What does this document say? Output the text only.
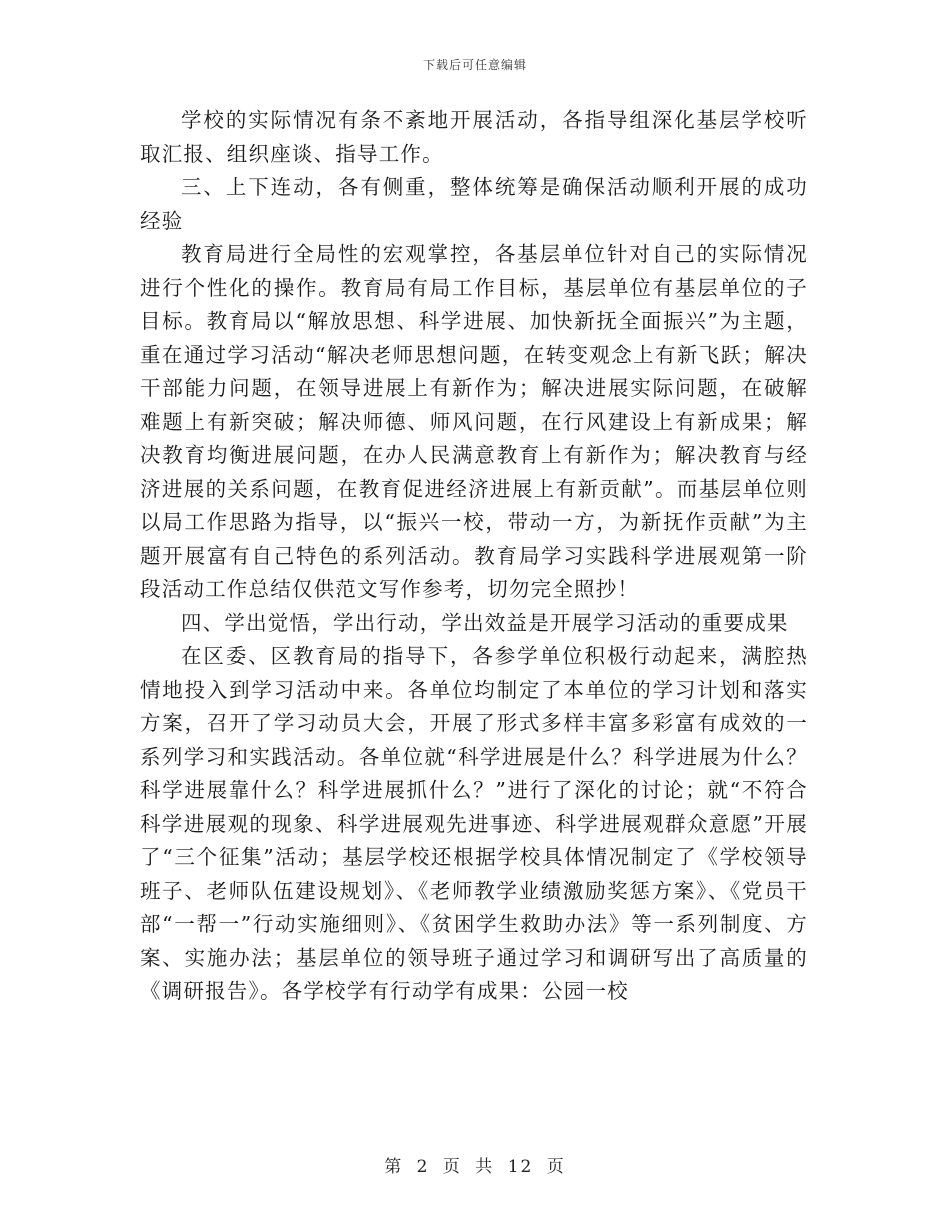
下载后可任意编辑

学校的实际情况有条不紊地开展活动，各指导组深化基层学校听取汇报、组织座谈、指导工作。

三、上下连动，各有侧重，整体统筹是确保活动顺利开展的成功经验

教育局进行全局性的宏观掌控，各基层单位针对自己的实际情况进行个性化的操作。教育局有局工作目标，基层单位有基层单位的子目标。教育局以“解放思想、科学进展、加快新抚全面振兴”为主题，重在通过学习活动“解决老师思想问题，在转变观念上有新飞跃；解决干部能力问题，在领导进展上有新作为；解决进展实际问题，在破解难题上有新突破；解决师德、师风问题，在行风建设上有新成果；解决教育均衡进展问题，在办人民满意教育上有新作为；解决教育与经济进展的关系问题，在教育促进经济进展上有新贡献”。而基层单位则以局工作思路为指导，以“振兴一校，带动一方，为新抚作贡献”为主题开展富有自己特色的系列活动。教育局学习实践科学进展观第一阶段活动工作总结仅供范文写作参考，切勿完全照抄！

四、学出觉悟，学出行动，学出效益是开展学习活动的重要成果

在区委、区教育局的指导下，各参学单位积极行动起来，满腔热情地投入到学习活动中来。各单位均制定了本单位的学习计划和落实方案，召开了学习动员大会，开展了形式多样丰富多彩富有成效的一系列学习和实践活动。各单位就“科学进展是什么？科学进展为什么？科学进展靠什么？科学进展抓什么？”进行了深化的讨论；就“不符合科学进展观的现象、科学进展观先进事迹、科学进展观群众意愿”开展了“三个征集”活动；基层学校还根据学校具体情况制定了《学校领导班子、老师队伍建设规划》、《老师教学业绩激励奖惩方案》、《党员干部“一帮一”行动实施细则》、《贫困学生救助办法》等一系列制度、方案、实施办法；基层单位的领导班子通过学习和调研写出了高质量的《调研报告》。各学校学有行动学有成果：公园一校

第 2 页 共 12 页
